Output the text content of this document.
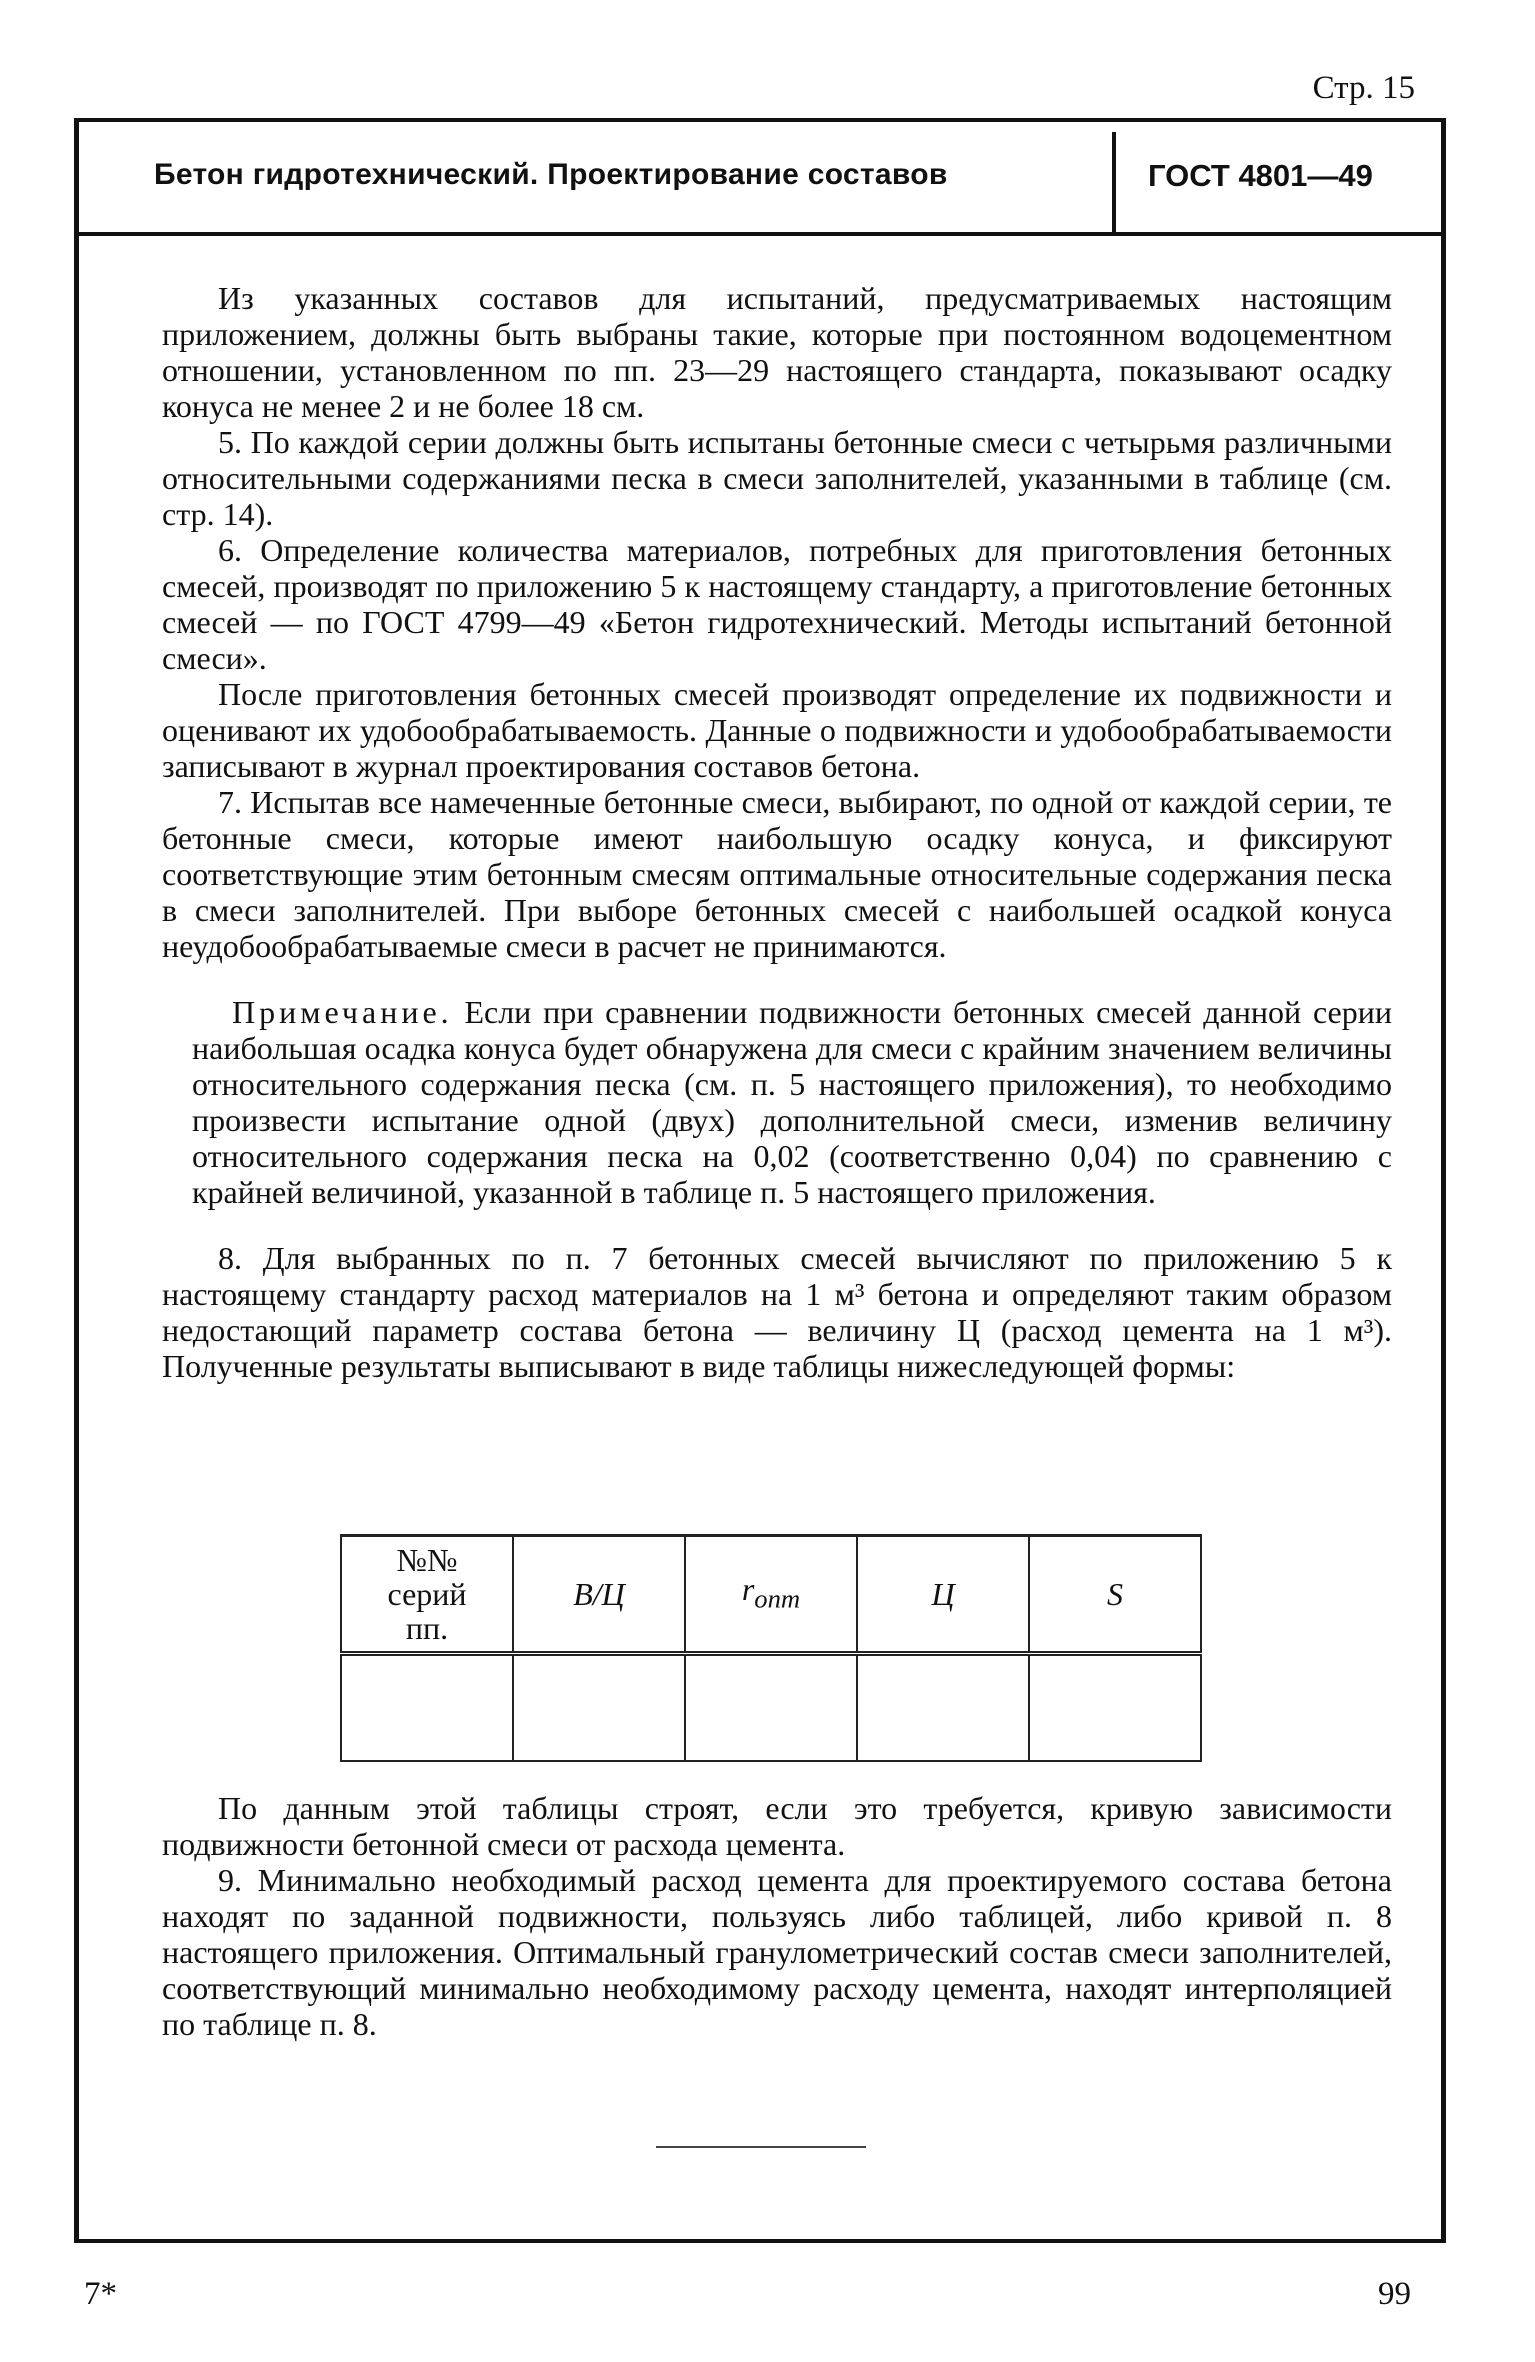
Стр. 15
Бетон гидротехнический. Проектирование составов	ГОСТ 4801—49

Из указанных составов для испытаний, предусматриваемых настоящим приложением, должны быть выбраны такие, которые при постоянном водоцементном отношении, установленном по пп. 23—29 настоящего стандарта, показывают осадку конуса не менее 2 и не более 18 см.

5. По каждой серии должны быть испытаны бетонные смеси с четырьмя различными относительными содержаниями песка в смеси заполнителей, указанными в таблице (см. стр. 14).

6. Определение количества материалов, потребных для приготовления бетонных смесей, производят по приложению 5 к настоящему стандарту, а приготовление бетонных смесей — по ГОСТ 4799—49 «Бетон гидротехнический. Методы испытаний бетонной смеси».

После приготовления бетонных смесей производят определение их подвижности и оценивают их удобообрабатываемость. Данные о подвижности и удобообрабатываемости записывают в журнал проектирования составов бетона.

7. Испытав все намеченные бетонные смеси, выбирают, по одной от каждой серии, те бетонные смеси, которые имеют наибольшую осадку конуса, и фиксируют соответствующие этим бетонным смесям оптимальные относительные содержания песка в смеси заполнителей. При выборе бетонных смесей с наибольшей осадкой конуса неудобообрабатываемые смеси в расчет не принимаются.

Примечание. Если при сравнении подвижности бетонных смесей данной серии наибольшая осадка конуса будет обнаружена для смеси с крайним значением величины относительного содержания песка (см. п. 5 настоящего приложения), то необходимо произвести испытание одной (двух) дополнительной смеси, изменив величину относительного содержания песка на 0,02 (соответственно 0,04) по сравнению с крайней величиной, указанной в таблице п. 5 настоящего приложения.

8. Для выбранных по п. 7 бетонных смесей вычисляют по приложению 5 к настоящему стандарту расход материалов на 1 м³ бетона и определяют таким образом недостающий параметр состава бетона — величину Ц (расход цемента на 1 м³). Полученные результаты выписывают в виде таблицы нижеследующей формы:

№№
серий
пп.	В/Ц	$r_{опт}$	Ц	S

По данным этой таблицы строят, если это требуется, кривую зависимости подвижности бетонной смеси от расхода цемента.

9. Минимально необходимый расход цемента для проектируемого состава бетона находят по заданной подвижности, пользуясь либо таблицей, либо кривой п. 8 настоящего приложения. Оптимальный гранулометрический состав смеси заполнителей, соответствующий минимально необходимому расходу цемента, находят интерполяцией по таблице п. 8.

7*	99
